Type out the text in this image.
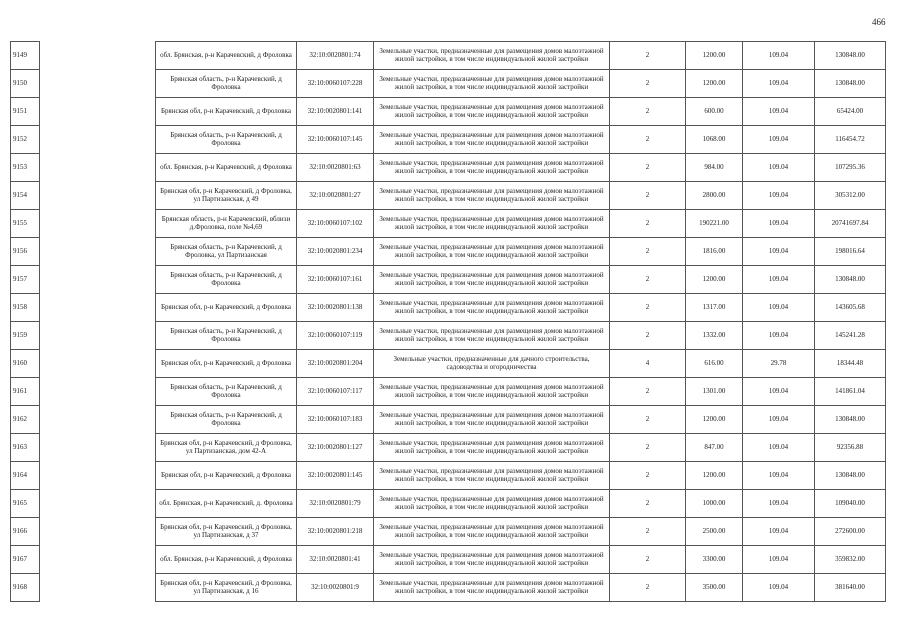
466
9149		обл. Брянская, р-н Карачевский, д Фроловка	32:10:0020801:74	Земельные участки, предназначенные для размещения домов малоэтажной жилой застройки, в том числе индивидуальной жилой застройки	2	1200.00	109.04	130848.00
9150		Брянская область, р-н Карачевский, д Фроловка	32:10:0060107:228	Земельные участки, предназначенные для размещения домов малоэтажной жилой застройки, в том числе индивидуальной жилой застройки	2	1200.00	109.04	130848.00
9151		Брянская обл, р-н Карачевский, д Фроловка	32:10:0020801:141	Земельные участки, предназначенные для размещения домов малоэтажной жилой застройки, в том числе индивидуальной жилой застройки	2	600.00	109.04	65424.00
9152		Брянская область, р-н Карачевский, д Фроловка	32:10:0060107:145	Земельные участки, предназначенные для размещения домов малоэтажной жилой застройки, в том числе индивидуальной жилой застройки	2	1068.00	109.04	116454.72
9153		обл. Брянская, р-н Карачевский, д Фроловка	32:10:0020801:63	Земельные участки, предназначенные для размещения домов малоэтажной жилой застройки, в том числе индивидуальной жилой застройки	2	984.00	109.04	107295.36
9154		Брянская обл, р-н Карачевский, д Фроловка, ул Партизанская, д 49	32:10:0020801:27	Земельные участки, предназначенные для размещения домов малоэтажной жилой застройки, в том числе индивидуальной жилой застройки	2	2800.00	109.04	305312.00
9155		Брянская область, р-н Карачевский, вблизи д.Фроловка, поле №4,69	32:10:0060107:102	Земельные участки, предназначенные для размещения домов малоэтажной жилой застройки, в том числе индивидуальной жилой застройки	2	190221.00	109.04	20741697.84
9156		Брянская область, р-н Карачевский, д Фроловка, ул Партизанская	32:10:0020801:234	Земельные участки, предназначенные для размещения домов малоэтажной жилой застройки, в том числе индивидуальной жилой застройки	2	1816.00	109.04	198016.64
9157		Брянская область, р-н Карачевский, д Фроловка	32:10:0060107:161	Земельные участки, предназначенные для размещения домов малоэтажной жилой застройки, в том числе индивидуальной жилой застройки	2	1200.00	109.04	130848.00
9158		Брянская обл, р-н Карачевский, д Фроловка	32:10:0020801:138	Земельные участки, предназначенные для размещения домов малоэтажной жилой застройки, в том числе индивидуальной жилой застройки	2	1317.00	109.04	143605.68
9159		Брянская область, р-н Карачевский, д Фроловка	32:10:0060107:119	Земельные участки, предназначенные для размещения домов малоэтажной жилой застройки, в том числе индивидуальной жилой застройки	2	1332.00	109.04	145241.28
9160		Брянская обл, р-н Карачевский, д Фроловка	32:10:0020801:204	Земельные участки, предназначенные для дачного строительства, садоводства и огородничества	4	616.00	29.78	18344.48
9161		Брянская область, р-н Карачевский, д Фроловка	32:10:0060107:117	Земельные участки, предназначенные для размещения домов малоэтажной жилой застройки, в том числе индивидуальной жилой застройки	2	1301.00	109.04	141861.04
9162		Брянская область, р-н Карачевский, д Фроловка	32:10:0060107:183	Земельные участки, предназначенные для размещения домов малоэтажной жилой застройки, в том числе индивидуальной жилой застройки	2	1200.00	109.04	130848.00
9163		Брянская обл, р-н Карачевский, д Фроловка, ул Партизанская, дом 42-А	32:10:0020801:127	Земельные участки, предназначенные для размещения домов малоэтажной жилой застройки, в том числе индивидуальной жилой застройки	2	847.00	109.04	92356.88
9164		Брянская обл, р-н Карачевский, д Фроловка	32:10:0020801:145	Земельные участки, предназначенные для размещения домов малоэтажной жилой застройки, в том числе индивидуальной жилой застройки	2	1200.00	109.04	130848.00
9165		обл. Брянская, р-н Карачевский, д. Фроловка	32:10:0020801:79	Земельные участки, предназначенные для размещения домов малоэтажной жилой застройки, в том числе индивидуальной жилой застройки	2	1000.00	109.04	109040.00
9166		Брянская обл, р-н Карачевский, д Фроловка, ул Партизанская, д 37	32:10:0020801:218	Земельные участки, предназначенные для размещения домов малоэтажной жилой застройки, в том числе индивидуальной жилой застройки	2	2500.00	109.04	272600.00
9167		обл. Брянская, р-н Карачевский, д Фроловка	32:10:0020801:41	Земельные участки, предназначенные для размещения домов малоэтажной жилой застройки, в том числе индивидуальной жилой застройки	2	3300.00	109.04	359832.00
9168		Брянская обл, р-н Карачевский, д Фроловка, ул Партизанская, д 16	32:10:0020801:9	Земельные участки, предназначенные для размещения домов малоэтажной жилой застройки, в том числе индивидуальной жилой застройки	2	3500.00	109.04	381640.00
